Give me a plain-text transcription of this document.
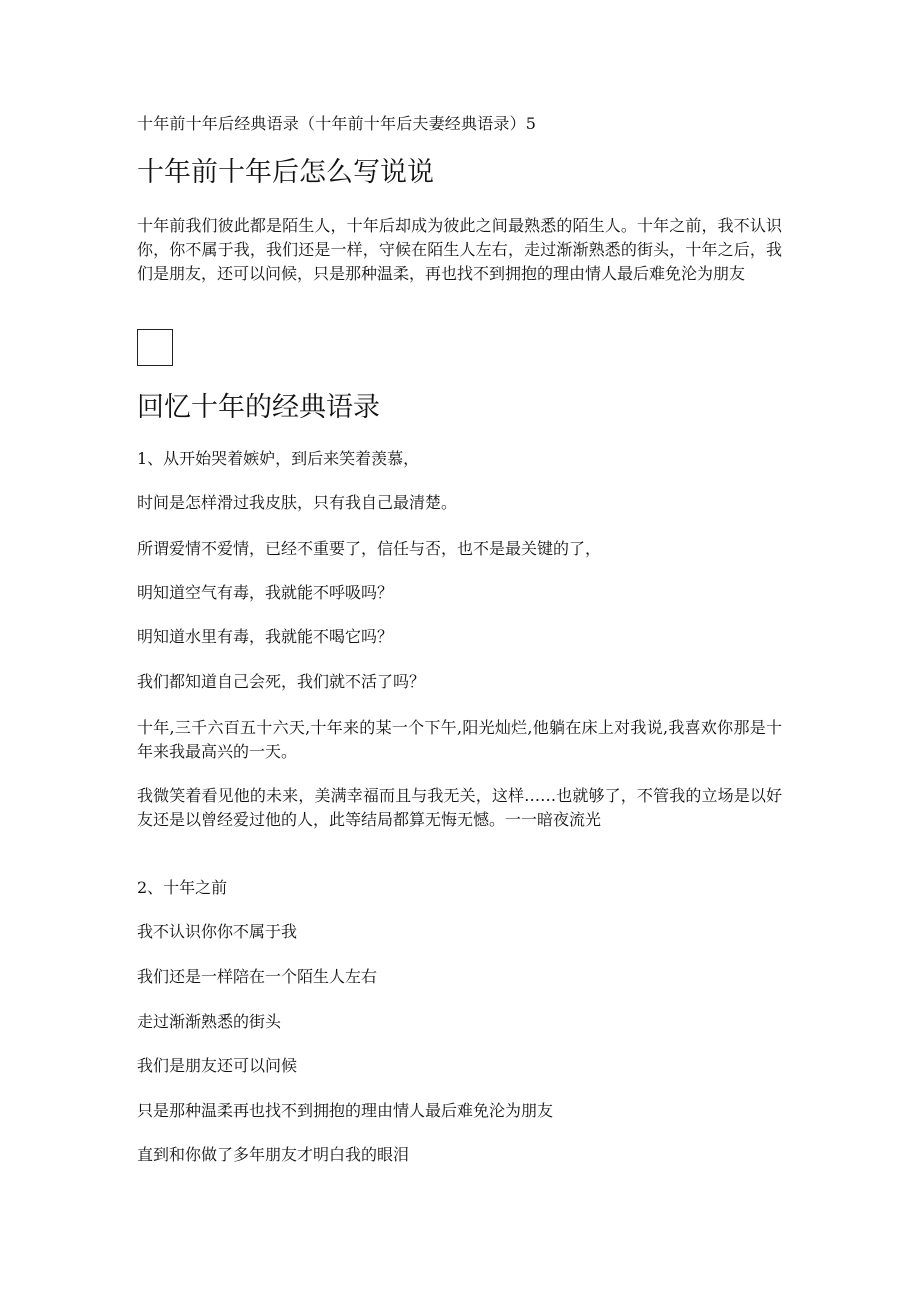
十年前十年后经典语录（十年前十年后夫妻经典语录）5
十年前十年后怎么写说说

十年前我们彼此都是陌生人，十年后却成为彼此之间最熟悉的陌生人。十年之前，我不认识你，你不属于我，我们还是一样，守候在陌生人左右，走过渐渐熟悉的街头，十年之后，我们是朋友，还可以问候，只是那种温柔，再也找不到拥抱的理由情人最后难免沦为朋友

回忆十年的经典语录

1、从开始哭着嫉妒，到后来笑着羡慕，

时间是怎样滑过我皮肤，只有我自己最清楚。

所谓爱情不爱情，已经不重要了，信任与否，也不是最关键的了，

明知道空气有毒，我就能不呼吸吗？

明知道水里有毒，我就能不喝它吗？

我们都知道自己会死，我们就不活了吗？

十年,三千六百五十六天,十年来的某一个下午,阳光灿烂,他躺在床上对我说,我喜欢你那是十年来我最高兴的一天。

我微笑着看见他的未来，美满幸福而且与我无关，这样……也就够了，不管我的立场是以好友还是以曾经爱过他的人，此等结局都算无悔无憾。一一暗夜流光

2、十年之前

我不认识你你不属于我

我们还是一样陪在一个陌生人左右

走过渐渐熟悉的街头

我们是朋友还可以问候

只是那种温柔再也找不到拥抱的理由情人最后难免沦为朋友

直到和你做了多年朋友才明白我的眼泪
